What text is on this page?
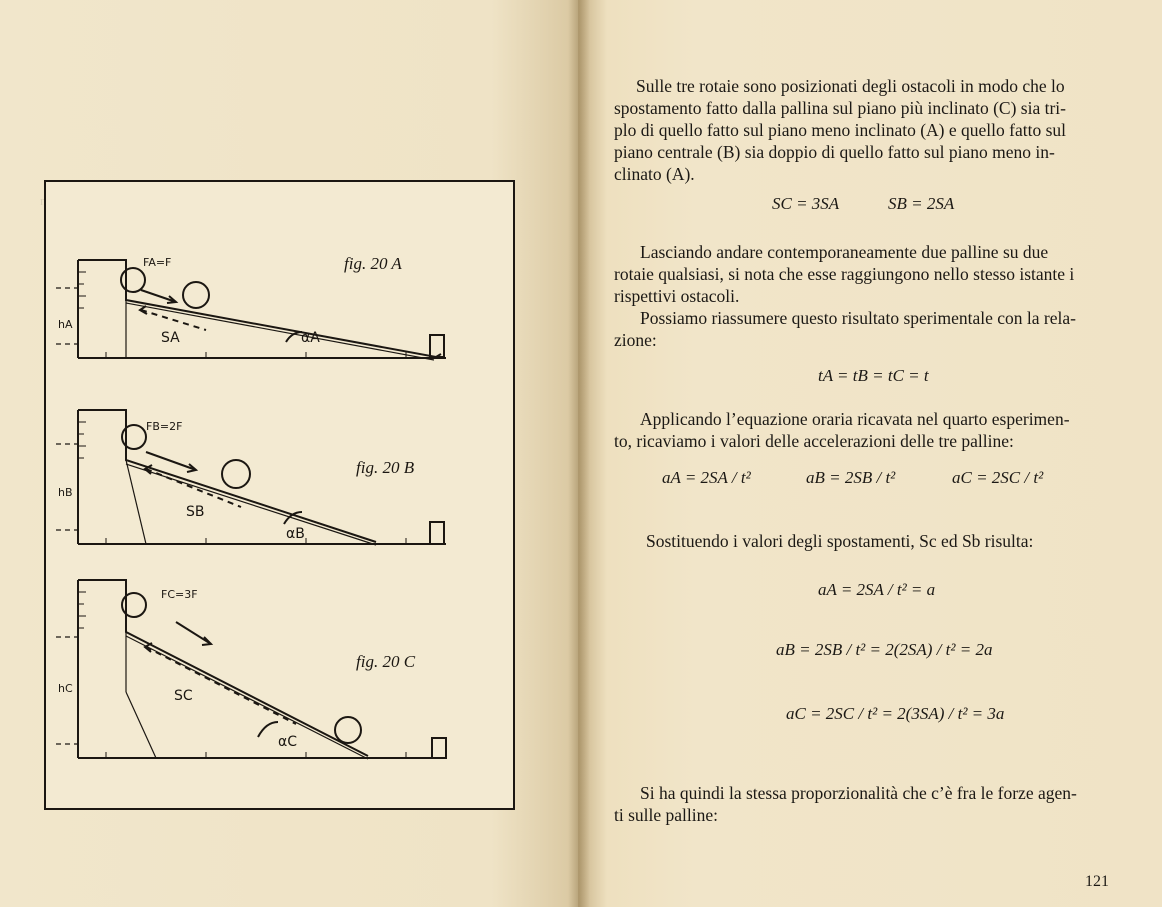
FA=F	fig. 20 A
hA
SA	αA
FB=2F
fig. 20 B
hB
SB
αB
FC=3F
fig. 20 C
hC	SC
αC
Sulle tre rotaie sono posizionati degli ostacoli in modo che lo
spostamento fatto dalla pallina sul piano più inclinato (C) sia tri-
plo di quello fatto sul piano meno inclinato (A) e quello fatto sul
piano centrale (B) sia doppio di quello fatto sul piano meno in-
clinato (A).
SC = 3SA	SB = 2SA
Lasciando andare contemporaneamente due palline su due
rotaie qualsiasi, si nota che esse raggiungono nello stesso istante i
rispettivi ostacoli.
Possiamo riassumere questo risultato sperimentale con la rela-
zione:
tA = tB = tC = t
Applicando l’equazione oraria ricavata nel quarto esperimen-
to, ricaviamo i valori delle accelerazioni delle tre palline:
aA = 2SA / t²	aB = 2SB / t²	aC = 2SC / t²
Sostituendo i valori degli spostamenti, Sc ed Sb risulta:
aA = 2SA / t² = a
aB = 2SB / t² = 2(2SA) / t² = 2a
aC = 2SC / t² = 2(3SA) / t² = 3a
Si ha quindi la stessa proporzionalità che c’è fra le forze agen-
ti sulle palline:
121
